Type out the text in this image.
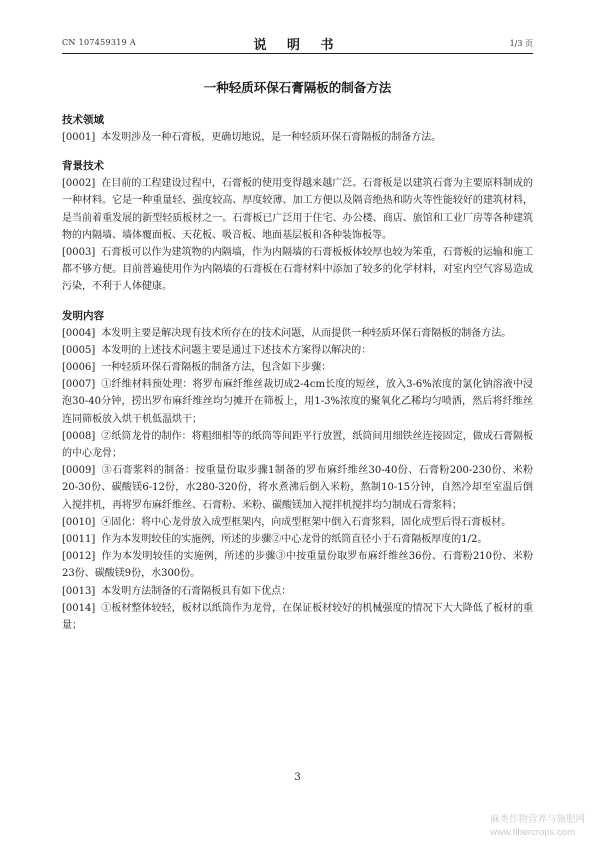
CN 107459319 A	说 明 书	1/3 页
一种轻质环保石膏隔板的制备方法
技术领域
[0001] 本发明涉及一种石膏板，更确切地说，是一种轻质环保石膏隔板的制备方法。
背景技术
[0002] 在目前的工程建设过程中，石膏板的使用变得越来越广泛。石膏板是以建筑石膏为主要原料制成的一种材料。它是一种重量轻、强度较高、厚度较薄、加工方便以及隔音绝热和防火等性能较好的建筑材料，是当前着重发展的新型轻质板材之一。石膏板已广泛用于住宅、办公楼、商店、旅馆和工业厂房等各种建筑物的内隔墙、墙体覆面板、天花板、吸音板、地面基层板和各种装饰板等。
[0003] 石膏板可以作为建筑物的内隔墙，作为内隔墙的石膏板板体较厚也较为笨重，石膏板的运输和施工都不够方便。目前普遍使用作为内隔墙的石膏板在石膏材料中添加了较多的化学材料，对室内空气容易造成污染，不利于人体健康。
发明内容
[0004] 本发明主要是解决现有技术所存在的技术问题，从而提供一种轻质环保石膏隔板的制备方法。
[0005] 本发明的上述技术问题主要是通过下述技术方案得以解决的：
[0006] 一种轻质环保石膏隔板的制备方法，包含如下步骤：
[0007] ①纤维材料预处理：将罗布麻纤维丝裁切成2-4cm长度的短丝，放入3-6%浓度的氯化钠溶液中浸泡30-40分钟，捞出罗布麻纤维丝均匀摊开在筛板上，用1-3%浓度的聚氧化乙稀均匀喷洒，然后将纤维丝连同筛板放入烘干机低温烘干；
[0008] ②纸筒龙骨的制作：将粗细相等的纸筒等间距平行放置，纸筒间用细铁丝连接固定，做成石膏隔板的中心龙骨；
[0009] ③石膏浆料的制备：按重量份取步骤1制备的罗布麻纤维丝30-40份、石膏粉200-230份、米粉20-30份、碳酸镁6-12份，水280-320份，将水煮沸后倒入米粉，熬制10-15分钟，自然冷却至室温后倒入搅拌机，再将罗布麻纤维丝、石膏粉、米粉、碳酸镁加入搅拌机搅拌均匀制成石膏浆料；
[0010] ④固化：将中心龙骨放入成型框架内，向成型框架中倒入石膏浆料，固化成型后得石膏板材。
[0011] 作为本发明较佳的实施例，所述的步骤②中心龙骨的纸筒直径小于石膏隔板厚度的1/2。
[0012] 作为本发明较佳的实施例，所述的步骤③中按重量份取罗布麻纤维丝36份、石膏粉210份、米粉23份、碳酸镁9份，水300份。
[0013] 本发明方法制备的石膏隔板具有如下优点：
[0014] ①板材整体较轻，板材以纸筒作为龙骨，在保证板材较好的机械强度的情况下大大降低了板材的重量；
3
麻类作物营养与施肥网
www.fibercrops.com
